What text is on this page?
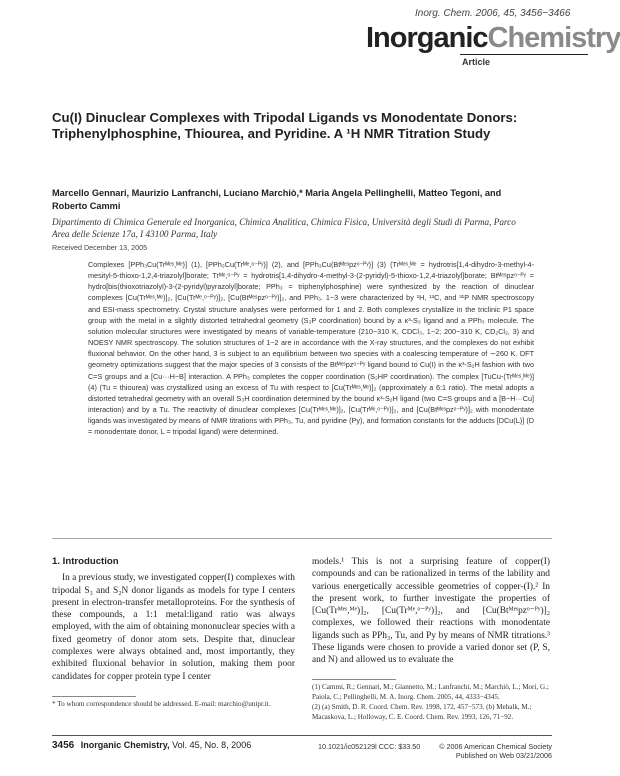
Inorg. Chem. 2006, 45, 3456−3466
InorganicChemistry
Article
Cu(I) Dinuclear Complexes with Tripodal Ligands vs Monodentate Donors: Triphenylphosphine, Thiourea, and Pyridine. A ¹H NMR Titration Study
Marcello Gennari, Maurizio Lanfranchi, Luciano Marchiò,* Maria Angela Pellinghelli, Matteo Tegoni, and Roberto Cammi
Dipartimento di Chimica Generale ed Inorganica, Chimica Analitica, Chimica Fisica, Università degli Studi di Parma, Parco Area delle Scienze 17a, I 43100 Parma, Italy
Received December 13, 2005
Complexes [PPh₃Cu(Trᴹᵉˢ,ᴹᵉ)] (1), [PPh₃Cu(Trᴹᵉ,ᵒ⁻ᴾʸ)] (2), and [PPh₃Cu(Btᴹᵉˢpzᵒ⁻ᴾʸ)] (3) (Trᴹᵉˢ,ᴹᵉ = hydrotris[1,4-dihydro-3-methyl-4-mesityl-5-thioxo-1,2,4-triazolyl]borate; Trᴹᵉ,ᵒ⁻ᴾʸ = hydrotris[1,4-dihydro-4-methyl-3-(2-pyridyl)-5-thioxo-1,2,4-triazolyl]borate; Btᴹᵉˢpzᵒ⁻ᴾʸ = hydro[bis(thioxotriazolyl)-3-(2-pyridyl)pyrazolyl]borate; PPh₃ = triphenylphosphine) were synthesized by the reaction of dinuclear complexes [Cu(Trᴹᵉˢ,ᴹᵉ)]₂, [Cu(Trᴹᵉ,ᵒ⁻ᴾʸ)]₂, [Cu(Btᴹᵉˢpzᵒ⁻ᴾʸ)]₂, and PPh₃. 1−3 were characterized by ¹H, ¹³C, and ³¹P NMR spectroscopy and ESI-mass spectrometry. Crystal structure analyses were performed for 1 and 2. Both complexes crystallize in the triclinic P1 space group with the metal in a slightly distorted tetrahedral geometry (S₃P coordination) bound by a κ³-S₃ ligand and a PPh₃ molecule. The solution molecular structures were investigated by means of variable-temperature (210−310 K, CDCl₃, 1−2; 200−310 K, CD₂Cl₂, 3) and NOESY NMR spectroscopy. The solution structures of 1−2 are in accordance with the X-ray structures, and the complexes do not exhibit fluxional behavior. On the other hand, 3 is subject to an equilibrium between two species with a coalescing temperature of ∼260 K. DFT geometry optimizations suggest that the major species of 3 consists of the Btᴹᵉˢpzᵒ⁻ᴾʸ ligand bound to Cu(I) in the κ³-S₂H fashion with two C=S groups and a [Cu···H−B] interaction. A PPh₃ completes the copper coordination (S₂HP coordination). The complex [TuCu-(Trᴹᵉˢ,ᴹᵉ)] (4) (Tu = thiourea) was crystallized using an excess of Tu with respect to [Cu(Trᴹᵉˢ,ᴹᵉ)]₂ (approximately a 6:1 ratio). The metal adopts a distorted tetrahedral geometry with an overall S₃H coordination determined by the bound κ³-S₂H ligand (two C=S groups and a [B−H···Cu] interaction) and by a Tu. The reactivity of dinuclear complexes [Cu(Trᴹᵉˢ,ᴹᵉ)]₂, [Cu(Trᴹᵉ,ᵒ⁻ᴾʸ)]₂, and [Cu(Btᴹᵉˢpzᵒ⁻ᴾʸ)]₂ with monodentate ligands was investigated by means of NMR titrations with PPh₃, Tu, and pyridine (Py), and formation constants for the adducts [DCu(L)] (D = monodentate donor, L = tripodal ligand) were determined.
1. Introduction

In a previous study, we investigated copper(I) complexes with tripodal S₃ and S₂N donor ligands as models for type I centers present in electron-transfer metalloproteins. For the synthesis of these compounds, a 1:1 metal:ligand ratio was always employed, with the aim of obtaining mononuclear species with a fixed geometry of donor atom sets. Despite that, dinuclear complexes were always obtained and, most importantly, they exhibited fluxional behavior in solution, making them poor candidates for copper protein type I center

models.¹ This is not a surprising feature of copper(I) compounds and can be rationalized in terms of the lability and various energetically accessible geometries of copper-(I).² In the present work, to further investigate the properties of [Cu(Trᴹᵉˢ,ᴹᵉ)]₂, [Cu(Trᴹᵉ,ᵒ⁻ᴾʸ)]₂, and [Cu(Btᴹᵉˢpzᵒ⁻ᴾʸ)]₂ complexes, we followed their reactions with monodentate ligands such as PPh₃, Tu, and Py by means of NMR titrations.³ These ligands were chosen to provide a varied donor set (P, S, and N) and allowed us to evaluate the

* To whom correspondence should be addressed. E-mail: marchio@unipr.it.
(1) Cammi, R.; Gennari, M.; Giannetto, M.; Lanfranchi, M.; Marchiò, L.; Mori, G.; Paiola, C.; Pellinghelli, M. A. Inorg. Chem. 2005, 44, 4333−4345.
(2) (a) Smith, D. R. Coord. Chem. Rev. 1998, 172, 457−573. (b) Mehalk, M.; Macaskova, L.; Holloway, C. E. Coord. Chem. Rev. 1993, 126, 71−92.
3456 Inorganic Chemistry, Vol. 45, No. 8, 2006	10.1021/ic052129l CCC: $33.50	© 2006 American Chemical Society
Published on Web 03/21/2006
